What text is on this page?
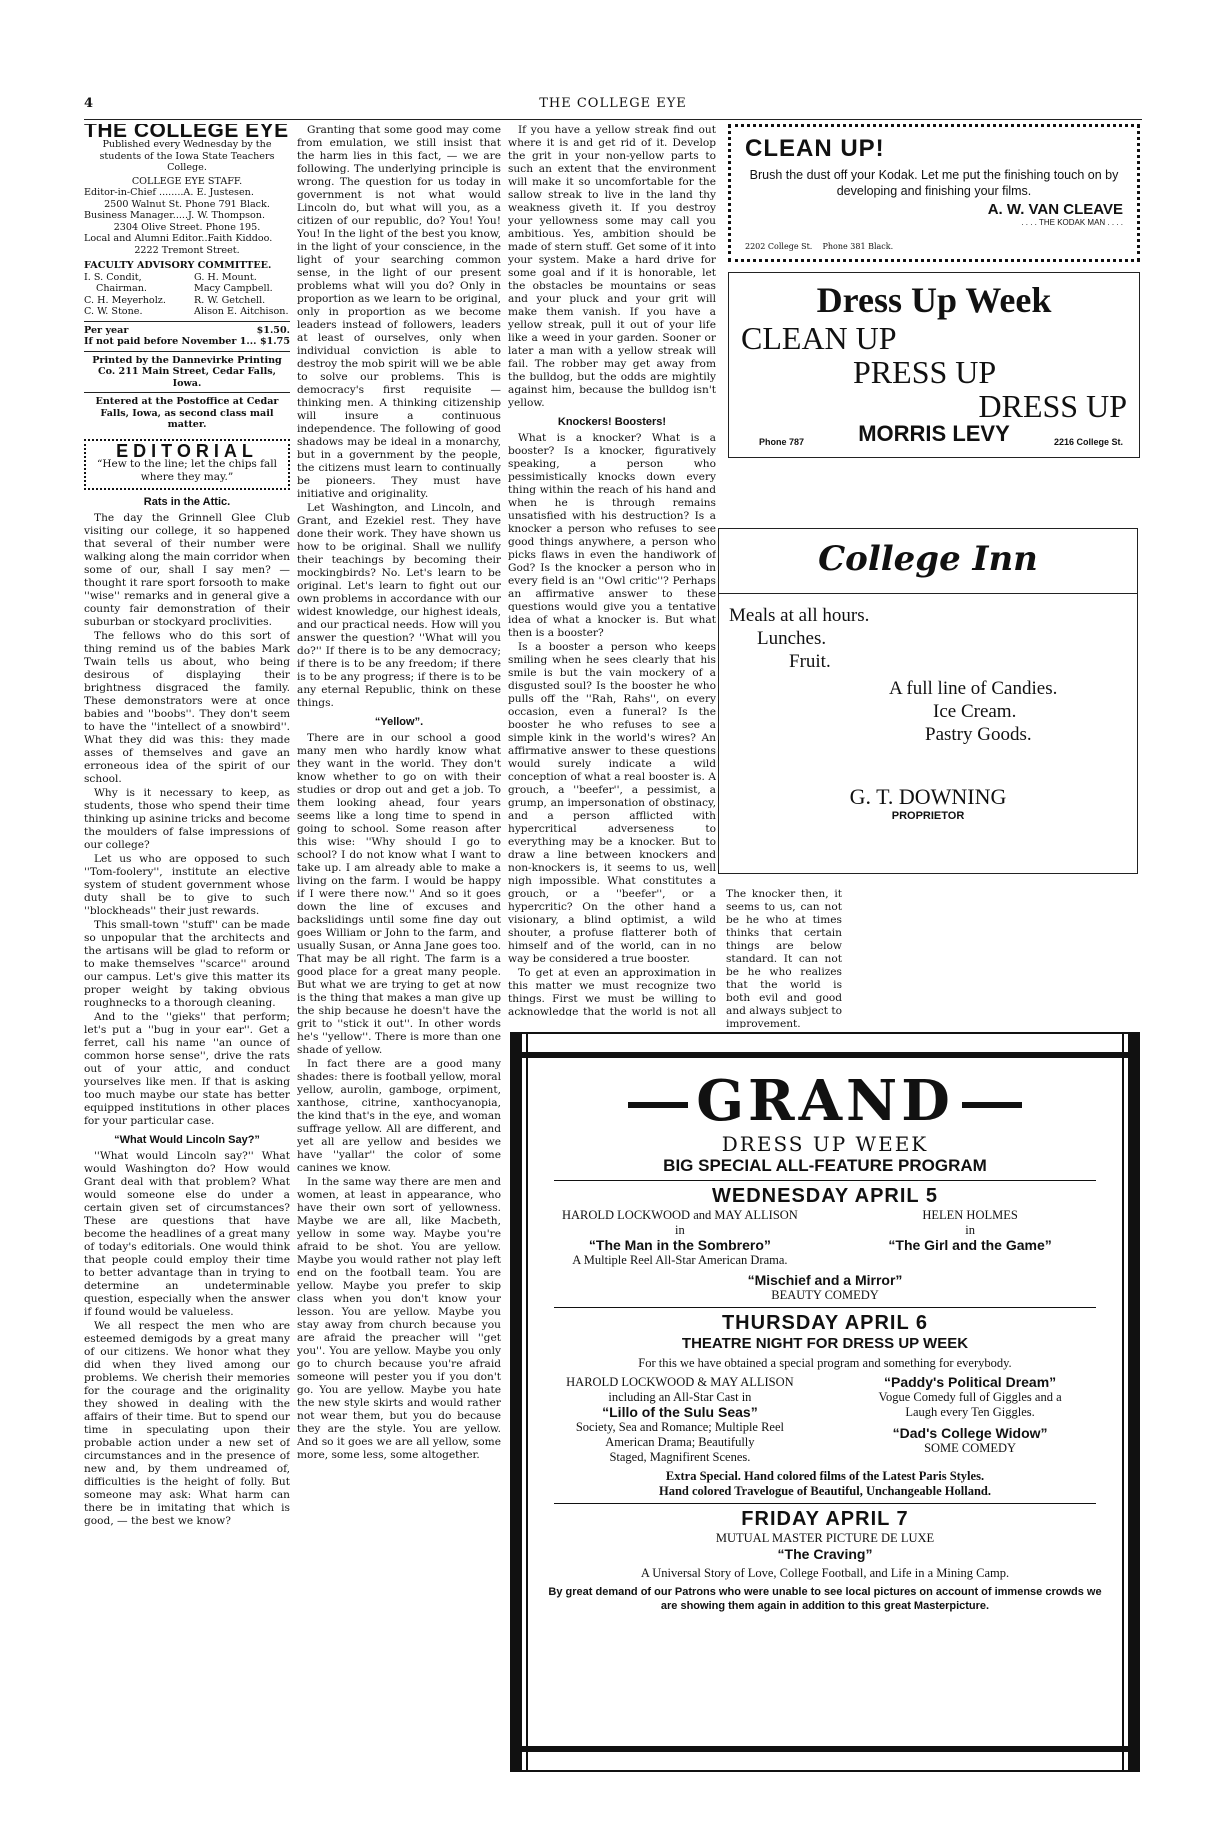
4	THE COLLEGE EYE
THE COLLEGE EYE
Published every Wednesday by the students of the Iowa State Teachers College.
COLLEGE EYE STAFF.
Editor-in-Chief ........A. E. Justesen.
2500 Walnut St. Phone 791 Black.
Business Manager.....J. W. Thompson.
2304 Olive Street. Phone 195.
Local and Alumni Editor..Faith Kiddoo.
2222 Tremont Street.
FACULTY ADVISORY COMMITTEE.
I. S. Condit,	G. H. Mount.
Chairman.	Macy Campbell.
C. H. Meyerholz.	R. W. Getchell.
C. W. Stone.	Alison E. Aitchison.
Per year	$1.50.
If not paid before November 1... $1.75
Printed by the Dannevirke Printing Co. 211 Main Street, Cedar Falls, Iowa.
Entered at the Postoffice at Cedar Falls, Iowa, as second class mail matter.
EDITORIAL
“Hew to the line; let the chips fall where they may.”
Rats in the Attic.

The day the Grinnell Glee Club visiting our college, it so happened that several of their number were walking along the main corridor when some of our, shall I say men? — thought it rare sport forsooth to make ''wise'' remarks and in general give a county fair demonstration of their suburban or stockyard proclivities.

The fellows who do this sort of thing remind us of the babies Mark Twain tells us about, who being desirous of displaying their brightness disgraced the family. These demonstrators were at once babies and ''boobs''. They don't seem to have the ''intellect of a snowbird''. What they did was this: they made asses of themselves and gave an erroneous idea of the spirit of our school.

Why is it necessary to keep, as students, those who spend their time thinking up asinine tricks and become the moulders of false impressions of our college?

Let us who are opposed to such ''Tom-foolery'', institute an elective system of student government whose duty shall be to give to such ''blockheads'' their just rewards.

This small-town ''stuff'' can be made so unpopular that the architects and the artisans will be glad to reform or to make themselves ''scarce'' around our campus. Let's give this matter its proper weight by taking obvious roughnecks to a thorough cleaning.

And to the ''gieks'' that perform; let's put a ''bug in your ear''. Get a ferret, call his name ''an ounce of common horse sense'', drive the rats out of your attic, and conduct yourselves like men. If that is asking too much maybe our state has better equipped institutions in other places for your particular case.

“What Would Lincoln Say?”

''What would Lincoln say?'' What would Washington do? How would Grant deal with that problem? What would someone else do under a certain given set of circumstances? These are questions that have become the headlines of a great many of today's editorials. One would think that people could employ their time to better advantage than in trying to determine an undeterminable question, especially when the answer if found would be valueless.

We all respect the men who are esteemed demigods by a great many of our citizens. We honor what they did when they lived among our problems. We cherish their memories for the courage and the originality they showed in dealing with the affairs of their time. But to spend our time in speculating upon their probable action under a new set of circumstances and in the presence of new and, by them undreamed of, difficulties is the height of folly. But someone may ask: What harm can there be in imitating that which is good, — the best we know?

Granting that some good may come from emulation, we still insist that the harm lies in this fact, — we are following. The underlying principle is wrong. The question for us today in government is not what would Lincoln do, but what will you, as a citizen of our republic, do? You! You! You! In the light of the best you know, in the light of your conscience, in the light of your searching common sense, in the light of our present problems what will you do? Only in proportion as we learn to be original, only in proportion as we become leaders instead of followers, leaders at least of ourselves, only when individual conviction is able to destroy the mob spirit will we be able to solve our problems. This is democracy's first requisite — thinking men. A thinking citizenship will insure a continuous independence. The following of good shadows may be ideal in a monarchy, but in a government by the people, the citizens must learn to continually be pioneers. They must have initiative and originality.

Let Washington, and Lincoln, and Grant, and Ezekiel rest. They have done their work. They have shown us how to be original. Shall we nullify their teachings by becoming their mockingbirds? No. Let's learn to be original. Let's learn to fight out our own problems in accordance with our widest knowledge, our highest ideals, and our practical needs. How will you answer the question? ''What will you do?'' If there is to be any democracy; if there is to be any freedom; if there is to be any progress; if there is to be any eternal Republic, think on these things.

“Yellow”.

There are in our school a good many men who hardly know what they want in the world. They don't know whether to go on with their studies or drop out and get a job. To them looking ahead, four years seems like a long time to spend in going to school. Some reason after this wise: ''Why should I go to school? I do not know what I want to take up. I am already able to make a living on the farm. I would be happy if I were there now.'' And so it goes down the line of excuses and backslidings until some fine day out goes William or John to the farm, and usually Susan, or Anna Jane goes too. That may be all right. The farm is a good place for a great many people. But what we are trying to get at now is the thing that makes a man give up the ship because he doesn't have the grit to ''stick it out''. In other words he's ''yellow''. There is more than one shade of yellow.

In fact there are a good many shades: there is football yellow, moral yellow, aurolin, gamboge, orpiment, xanthose, citrine, xanthocyanopia, the kind that's in the eye, and woman suffrage yellow. All are different, and yet all are yellow and besides we have ''yallar'' the color of some canines we know.

In the same way there are men and women, at least in appearance, who have their own sort of yellowness. Maybe we are all, like Macbeth, yellow in some way. Maybe you're afraid to be shot. You are yellow. Maybe you would rather not play left end on the football team. You are yellow. Maybe you prefer to skip class when you don't know your lesson. You are yellow. Maybe you stay away from church because you are afraid the preacher will ''get you''. You are yellow. Maybe you only go to church because you're afraid someone will pester you if you don't go. You are yellow. Maybe you hate the new style skirts and would rather not wear them, but you do because they are the style. You are yellow. And so it goes we are all yellow, some more, some less, some altogether.

If you have a yellow streak find out where it is and get rid of it. Develop the grit in your non-yellow parts to such an extent that the environment will make it so uncomfortable for the sallow streak to live in the land thy weakness giveth it. If you destroy your yellowness some may call you ambitious. Yes, ambition should be made of stern stuff. Get some of it into your system. Make a hard drive for some goal and if it is honorable, let the obstacles be mountains or seas and your pluck and your grit will make them vanish. If you have a yellow streak, pull it out of your life like a weed in your garden. Sooner or later a man with a yellow streak will fail. The robber may get away from the bulldog, but the odds are mightily against him, because the bulldog isn't yellow.

Knockers! Boosters!

What is a knocker? What is a booster? Is a knocker, figuratively speaking, a person who pessimistically knocks down every thing within the reach of his hand and when he is through remains unsatisfied with his destruction? Is a knocker a person who refuses to see good things anywhere, a person who picks flaws in even the handiwork of God? Is the knocker a person who in every field is an ''Owl critic''? Perhaps an affirmative answer to these questions would give you a tentative idea of what a knocker is. But what then is a booster?

Is a booster a person who keeps smiling when he sees clearly that his smile is but the vain mockery of a disgusted soul? Is the booster he who pulls off the ''Rah, Rahs'', on every occasion, even a funeral? Is the booster he who refuses to see a simple kink in the world's wires? An affirmative answer to these questions would surely indicate a wild conception of what a real booster is. A grouch, a ''beefer'', a pessimist, a grump, an impersonation of obstinacy, and a person afflicted with hypercritical adverseness to everything may be a knocker. But to draw a line between knockers and non-knockers is, it seems to us, well nigh impossible. What constitutes a grouch, or a ''beefer'', or a hypercritic? On the other hand a visionary, a blind optimist, a wild shouter, a profuse flatterer both of himself and of the world, can in no way be considered a true booster.

To get at even an approximation in this matter we must recognize two things. First we must be willing to acknowledge that the world is not all

The knocker then, it seems to us, can not be he who at times thinks that certain things are below standard. It can not be he who realizes that the world is both evil and good and always subject to improvement.

CLEAN UP!
Brush the dust off your Kodak. Let me put the finishing touch on by developing and finishing your films.
A. W. VAN CLEAVE
. . . . THE KODAK MAN . . . .
2202 College St. Phone 381 Black.
Dress Up Week
CLEAN UP
PRESS UP
DRESS UP
MORRIS LEVY
Phone 787	2216 College St.
College Inn
Meals at all hours.
Lunches.
Fruit.
A full line of Candies.
Ice Cream.
Pastry Goods.
G. T. DOWNING
PROPRIETOR
GRAND
DRESS UP WEEK
BIG SPECIAL ALL-FEATURE PROGRAM
WEDNESDAY APRIL 5
HAROLD LOCKWOOD and MAY ALLISON
in
“The Man in the Sombrero”
A Multiple Reel All-Star American Drama.
HELEN HOLMES
in
“The Girl and the Game”
“Mischief and a Mirror”
BEAUTY COMEDY
THURSDAY APRIL 6
THEATRE NIGHT FOR DRESS UP WEEK
For this we have obtained a special program and something for everybody.
HAROLD LOCKWOOD & MAY ALLISON
including an All-Star Cast in
“Lillo of the Sulu Seas”
Society, Sea and Romance; Multiple Reel
American Drama; Beautifully
Staged, Magnifirent Scenes.
“Paddy's Political Dream”
Vogue Comedy full of Giggles and a
Laugh every Ten Giggles.
“Dad's College Widow”
SOME COMEDY
Extra Special. Hand colored films of the Latest Paris Styles.
Hand colored Travelogue of Beautiful, Unchangeable Holland.
FRIDAY APRIL 7
MUTUAL MASTER PICTURE DE LUXE
“The Craving”
A Universal Story of Love, College Football, and Life in a Mining Camp.
By great demand of our Patrons who were unable to see local pictures on account of immense crowds we are showing them again in addition to this great Masterpicture.
